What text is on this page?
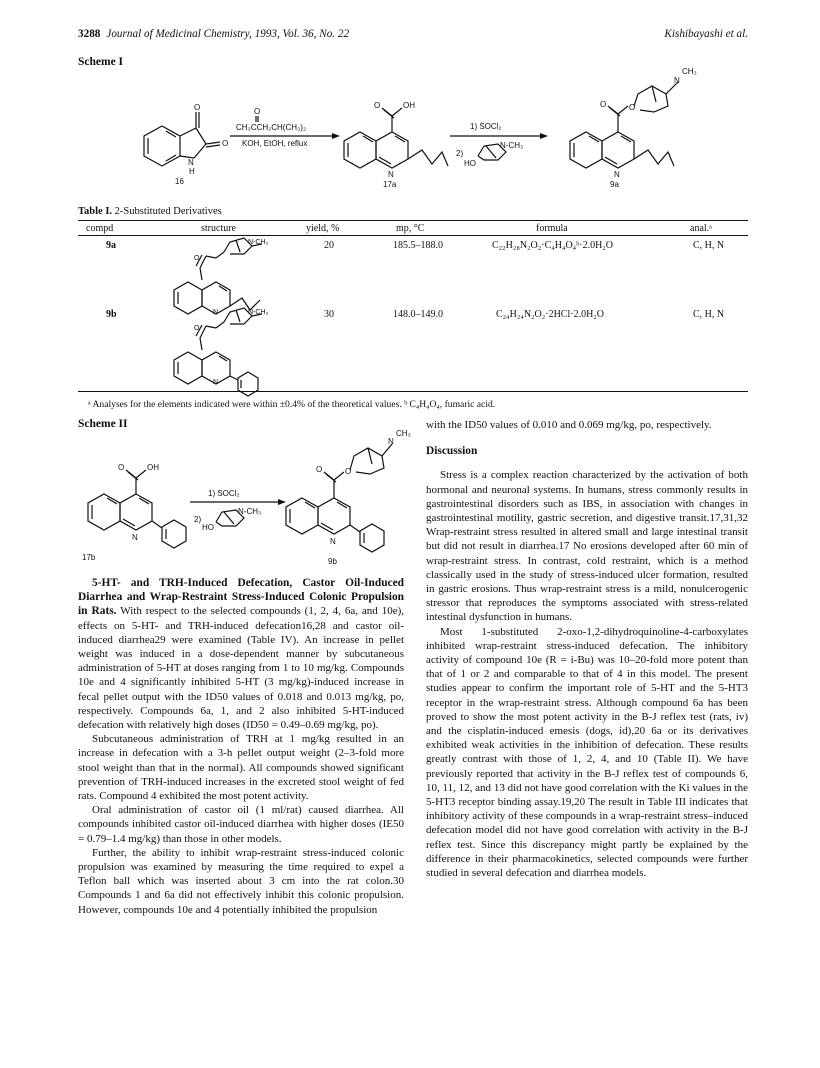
3288 Journal of Medicinal Chemistry, 1993, Vol. 36, No. 22	Kishibayashi et al.
Scheme I
O
O
N
H
16
O
CH₃CCH₂CH(CH₃)₂
KOH, EtOH, reflux
O	OH
N
17a
1) SOCl₂
2)
HO
N-CH₃
O	O
N
CH₃
N
9a
Table I. 2-Substituted Derivatives
compd	structure	yield, %	mp, °C	formula	anal.ᵃ
9a	20	185.5–188.0	C₂₂H₂₈N₂O₂·C₄H₄O₄ᵇ·2.0H₂O	C, H, N
O
N-CH₃
N
9b	30	148.0–149.0	C₂₄H₂₄N₂O₂·2HCl·2.0H₂O	C, H, N
O
N-CH₃
N
ᵃ Analyses for the elements indicated were within ±0.4% of the theoretical values. ᵇ C₄H₄O₄, fumaric acid.
Scheme II
O	OH
N
17b
1) SOCl₂
2)
HO
N-CH₃
O	O
N
CH₃
N
9b

5-HT- and TRH-Induced Defecation, Castor Oil-Induced Diarrhea and Wrap-Restraint Stress-Induced Colonic Propulsion in Rats. With respect to the selected compounds (1, 2, 4, 6a, and 10e), effects on 5-HT- and TRH-induced defecation16,28 and castor oil-induced diarrhea29 were examined (Table IV). An increase in pellet weight was induced in a dose-dependent manner by subcutaneous administration of 5-HT at doses ranging from 1 to 10 mg/kg. Compounds 10e and 4 significantly inhibited 5-HT (3 mg/kg)-induced increase in fecal pellet output with the ID50 values of 0.018 and 0.013 mg/kg, po, respectively. Compounds 6a, 1, and 2 also inhibited 5-HT-induced defecation with relatively high doses (ID50 = 0.49–0.69 mg/kg, po).

Subcutaneous administration of TRH at 1 mg/kg resulted in an increase in defecation with a 3-h pellet output weight (2–3-fold more stool weight than that in the normal). All compounds showed significant prevention of TRH-induced increases in the excreted stool weight of fed rats. Compound 4 exhibited the most potent activity.

Oral administration of castor oil (1 ml/rat) caused diarrhea. All compounds inhibited castor oil-induced diarrhea with higher doses (IE50 = 0.79–1.4 mg/kg) than those in other models.

Further, the ability to inhibit wrap-restraint stress-induced colonic propulsion was examined by measuring the time required to expel a Teflon ball which was inserted about 3 cm into the rat colon.30 Compounds 1 and 6a did not effectively inhibit this colonic propulsion. However, compounds 10e and 4 potentially inhibited the propulsion

with the ID50 values of 0.010 and 0.069 mg/kg, po, respectively.

Discussion

Stress is a complex reaction characterized by the activation of both hormonal and neuronal systems. In humans, stress commonly results in gastrointestinal disorders such as IBS, in association with changes in gastrointestinal motility, gastric secretion, and digestive transit.17,31,32 Wrap-restraint stress resulted in altered small and large intestinal transit but did not result in diarrhea.17 No erosions developed after 60 min of wrap-restraint stress. In contrast, cold restraint, which is a method classically used in the study of stress-induced ulcer formation, resulted in gastric erosions. Thus wrap-restraint stress is a mild, nonulcerogenic stressor that reproduces the symptoms associated with stress-related intestinal dysfunction in humans.

Most 1-substituted 2-oxo-1,2-dihydroquinoline-4-carboxylates inhibited wrap-restraint stress-induced defecation. The inhibitory activity of compound 10e (R = i-Bu) was 10–20-fold more potent than that of 1 or 2 and comparable to that of 4 in this model. The present studies appear to confirm the important role of 5-HT and the 5-HT3 receptor in the wrap-restraint stress. Although compound 6a has been proved to show the most potent activity in the B-J reflex test (rats, iv) and the cisplatin-induced emesis (dogs, id),20 6a or its derivatives exhibited weak activities in the inhibition of defecation. These results greatly contrast with those of 1, 2, 4, and 10 (Table II). We have previously reported that activity in the B-J reflex test of compounds 6, 10, 11, 12, and 13 did not have good correlation with the Ki values in the 5-HT3 receptor binding assay.19,20 The result in Table III indicates that inhibitory activity of these compounds in a wrap-restraint stress–induced defecation model did not have good correlation with activity in the B-J reflex test. Since this discrepancy might partly be explained by the difference in their pharmacokinetics, selected compounds were further studied in several defecation and diarrhea models.
